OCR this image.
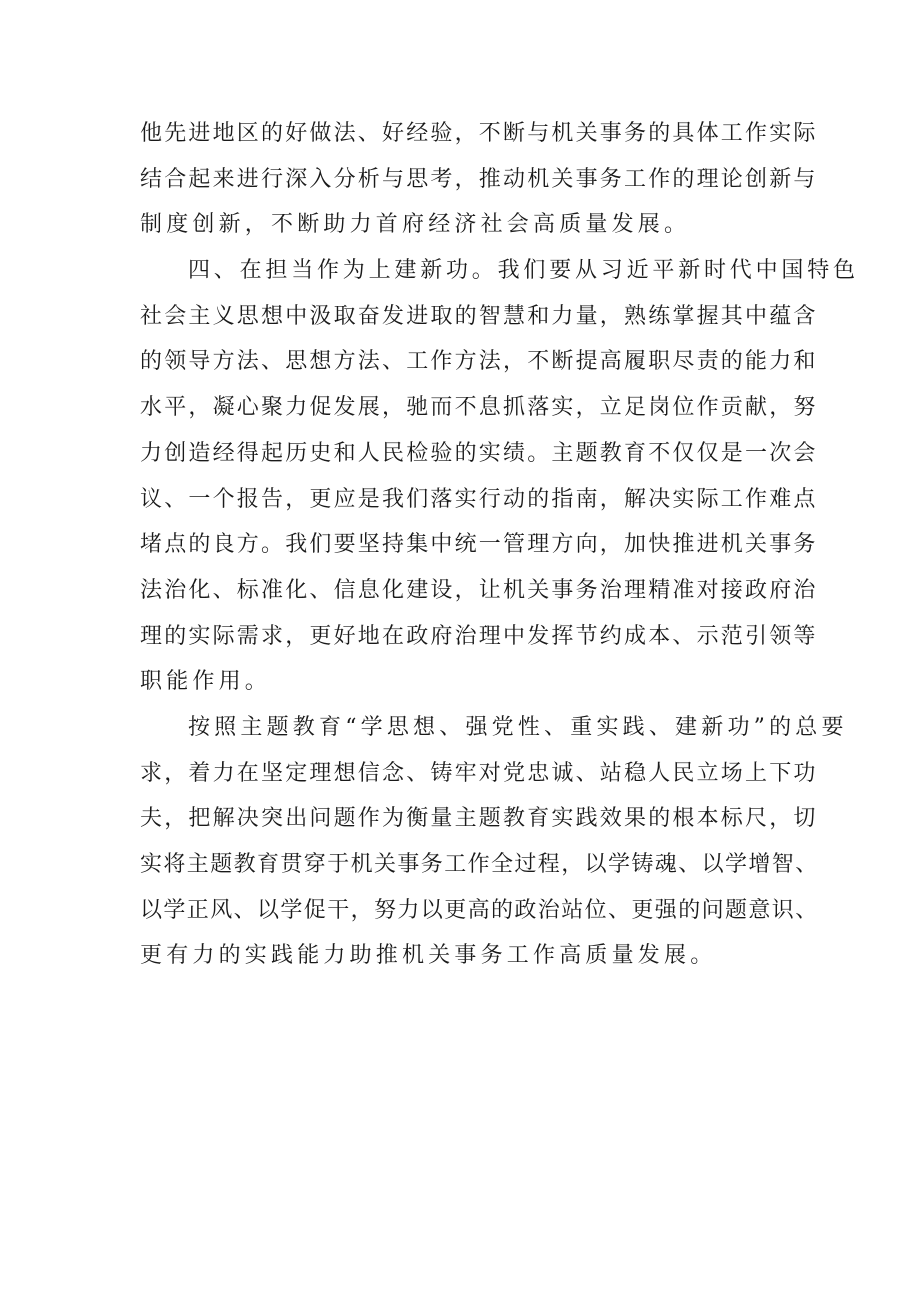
他先进地区的好做法、好经验，不断与机关事务的具体工作实际
结合起来进行深入分析与思考，推动机关事务工作的理论创新与
制度创新，不断助力首府经济社会高质量发展。
四、在担当作为上建新功。我们要从习近平新时代中国特色
社会主义思想中汲取奋发进取的智慧和力量，熟练掌握其中蕴含
的领导方法、思想方法、工作方法，不断提高履职尽责的能力和
水平，凝心聚力促发展，驰而不息抓落实，立足岗位作贡献，努
力创造经得起历史和人民检验的实绩。主题教育不仅仅是一次会
议、一个报告，更应是我们落实行动的指南，解决实际工作难点
堵点的良方。我们要坚持集中统一管理方向，加快推进机关事务
法治化、标准化、信息化建设，让机关事务治理精准对接政府治
理的实际需求，更好地在政府治理中发挥节约成本、示范引领等
职能作用。
按照主题教育“学思想、强党性、重实践、建新功”的总要
求，着力在坚定理想信念、铸牢对党忠诚、站稳人民立场上下功
夫，把解决突出问题作为衡量主题教育实践效果的根本标尺，切
实将主题教育贯穿于机关事务工作全过程，以学铸魂、以学增智、
以学正风、以学促干，努力以更高的政治站位、更强的问题意识、
更有力的实践能力助推机关事务工作高质量发展。
